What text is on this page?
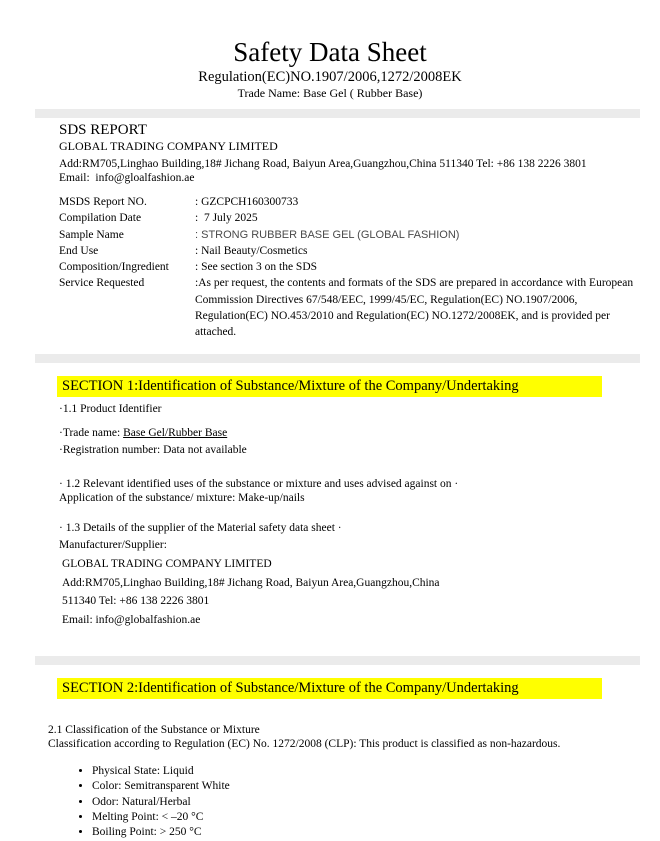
Safety Data Sheet
Regulation(EC)NO.1907/2006,1272/2008EK
Trade Name: Base Gel ( Rubber Base)
SDS REPORT
GLOBAL TRADING COMPANY LIMITED
Add:RM705,Linghao Building,18# Jichang Road, Baiyun Area,Guangzhou,China 511340 Tel: +86 138 2226 3801
Email:  info@gloalfashion.ae
MSDS Report NO.	: GZCPCH160300733
Compilation Date	:  7 July 2025
Sample Name	: STRONG RUBBER BASE GEL (GLOBAL FASHION)
End Use	: Nail Beauty/Cosmetics
Composition/Ingredient	: See section 3 on the SDS
Service Requested	:As per request, the contents and formats of the SDS are prepared in accordance with European Commission Directives 67/548/EEC, 1999/45/EC, Regulation(EC) NO.1907/2006, Regulation(EC) NO.453/2010 and Regulation(EC) NO.1272/2008EK, and is provided per attached.
SECTION 1:Identification of Substance/Mixture of the Company/Undertaking
·1.1 Product Identifier
·Trade name: Base Gel/Rubber Base
·Registration number: Data not available
· 1.2 Relevant identified uses of the substance or mixture and uses advised against on ·
Application of the substance/ mixture: Make-up/nails
· 1.3 Details of the supplier of the Material safety data sheet ·
Manufacturer/Supplier:
GLOBAL TRADING COMPANY LIMITED
Add:RM705,Linghao Building,18# Jichang Road, Baiyun Area,Guangzhou,China
511340 Tel: +86 138 2226 3801
Email: info@globalfashion.ae
SECTION 2:Identification of Substance/Mixture of the Company/Undertaking
2.1 Classification of the Substance or Mixture
Classification according to Regulation (EC) No. 1272/2008 (CLP): This product is classified as non-hazardous.
• Physical State: Liquid
• Color: Semitransparent White
• Odor: Natural/Herbal
• Melting Point: < –20 °C
• Boiling Point: > 250 °C
